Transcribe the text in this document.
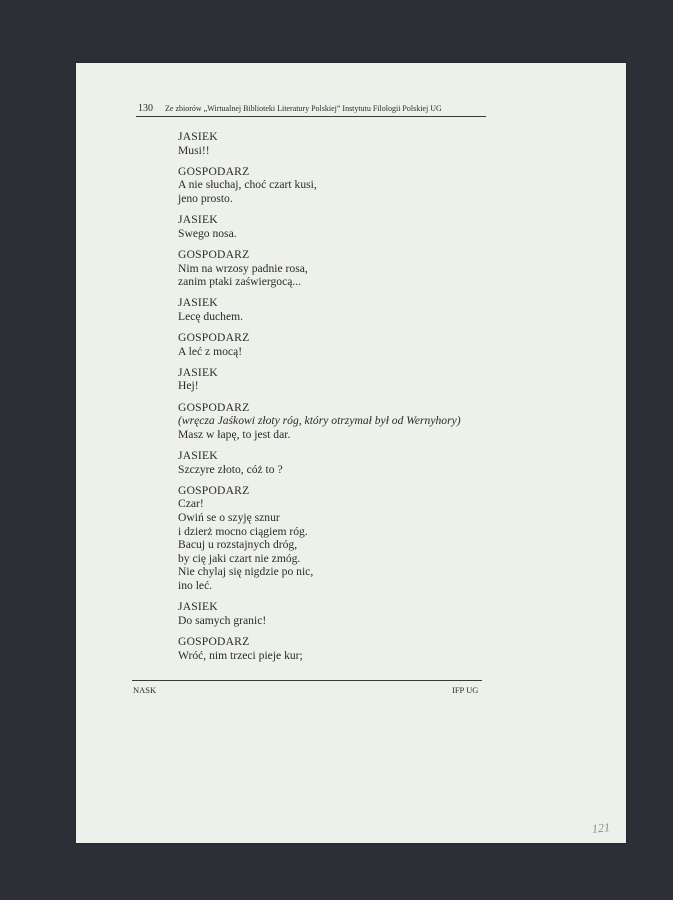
130 Ze zbiorów „Wirtualnej Biblioteki Literatury Polskiej” Instytutu Filologii Polskiej UG
JASIEK
Musi!!
GOSPODARZ
A nie słuchaj, choć czart kusi,
jeno prosto.
JASIEK
Swego nosa.
GOSPODARZ
Nim na wrzosy padnie rosa,
zanim ptaki zaświergocą...
JASIEK
Lecę duchem.
GOSPODARZ
A leć z mocą!
JASIEK
Hej!
GOSPODARZ
(wręcza Jaśkowi złoty róg, który otrzymał był od Wernyhory)
Masz w łapę, to jest dar.
JASIEK
Szczyre złoto, cóż to ?
GOSPODARZ
Czar!
Owiń se o szyję sznur
i dzierż mocno ciągiem róg.
Bacuj u rozstajnych dróg,
by cię jaki czart nie zmóg.
Nie chylaj się nigdzie po nic,
ino leć.
JASIEK
Do samych granic!
GOSPODARZ
Wróć, nim trzeci pieje kur;
NASK	IFP UG
121
